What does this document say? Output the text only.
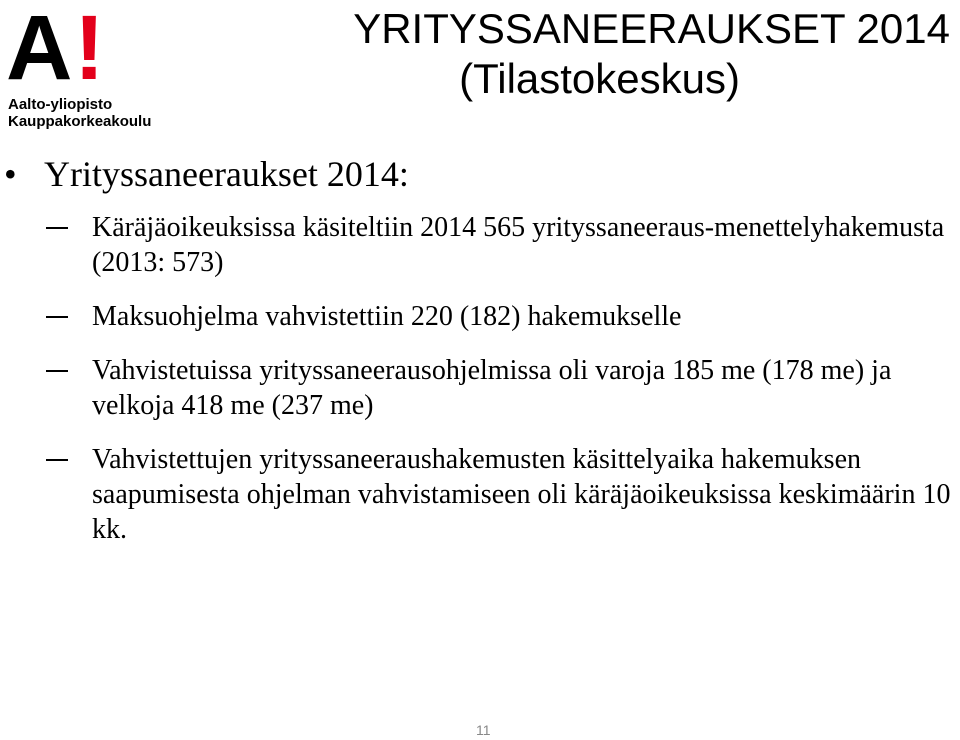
A !
Aalto-yliopisto
Kauppakorkeakoulu
YRITYSSANEERAUKSET 2014
(Tilastokeskus)
• Yrityssaneeraukset 2014:
Käräjäoikeuksissa käsiteltiin 2014 565 yrityssaneeraus-menettelyhakemusta (2013: 573)
Maksuohjelma vahvistettiin 220 (182) hakemukselle
Vahvistetuissa yrityssaneerausohjelmissa oli varoja 185 me (178 me) ja velkoja 418 me (237 me)
Vahvistettujen yrityssaneeraushakemusten käsittelyaika hakemuksen saapumisesta ohjelman vahvistamiseen oli käräjäoikeuksissa keskimäärin 10 kk.
11
